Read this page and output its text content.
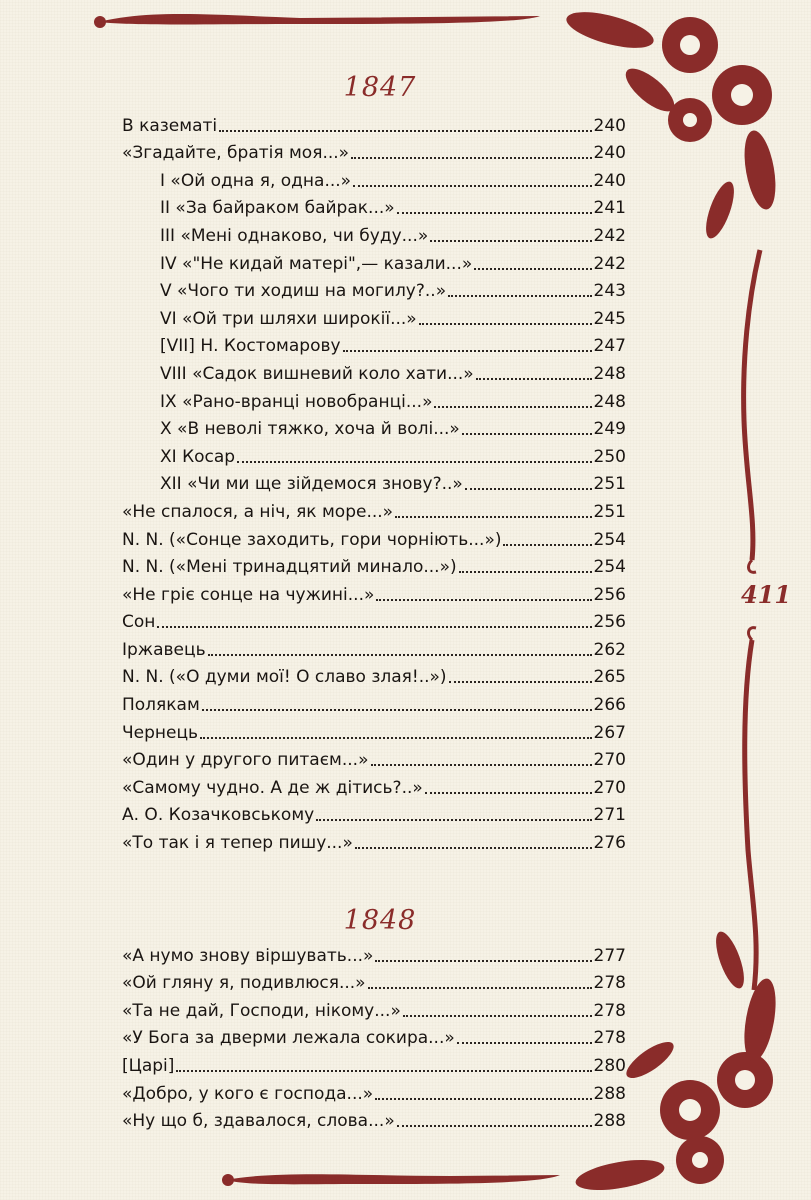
411
1847
В казематі	240
«Згадайте, братія моя...»	240
І «Ой одна я, одна...»	240
ІІ «За байраком байрак...»	241
ІІІ «Мені однаково, чи буду...»	242
IV «"Не кидай матері",— казали...»	242
V «Чого ти ходиш на могилу?..»	243
VI «Ой три шляхи широкії...»	245
[VII] Н. Костомарову	247
VIII «Садок вишневий коло хати...»	248
IX «Рано-вранці новобранці...»	248
X «В неволі тяжко, хоча й волі...»	249
XI Косар	250
XII «Чи ми ще зійдемося знову?..»	251
«Не спалося, а ніч, як море...»	251
N. N. («Сонце заходить, гори чорніють...»)	254
N. N. («Мені тринадцятий минало...»)	254
«Не гріє сонце на чужині...»	256
Сон	256
Іржавець	262
N. N. («О думи мої! О славо злая!..»)	265
Полякам	266
Чернець	267
«Один у другого питаєм...»	270
«Самому чудно. А де ж дітись?..»	270
А. О. Козачковському	271
«То так і я тепер пишу...»	276
1848
«А нумо знову віршувать...»	277
«Ой гляну я, подивлюся...»	278
«Та не дай, Господи, нікому...»	278
«У Бога за дверми лежала сокира...»	278
[Царі]	280
«Добро, у кого є господа...»	288
«Ну що б, здавалося, слова...»	288
